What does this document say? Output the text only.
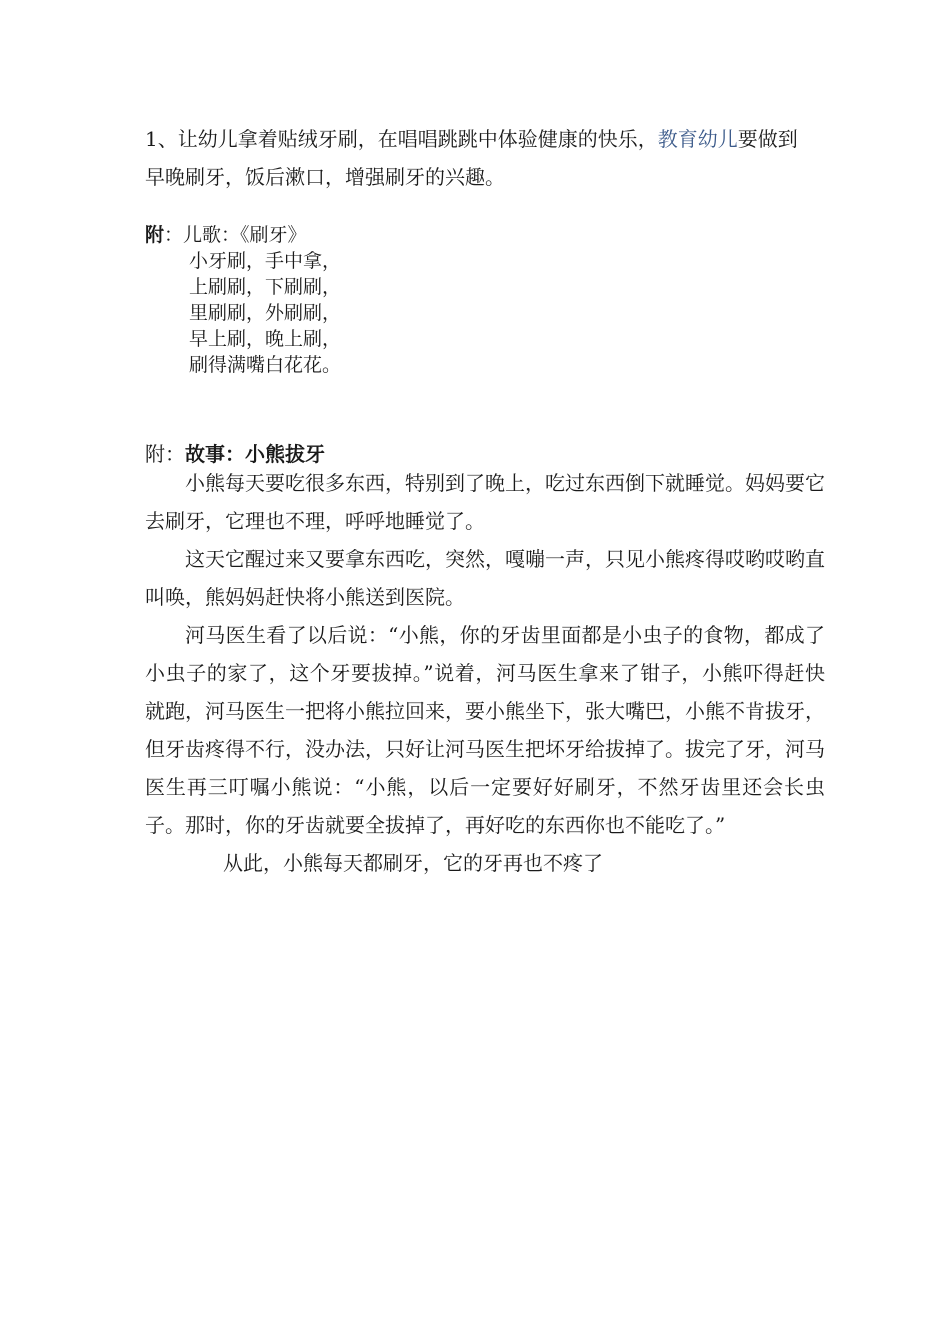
1、让幼儿拿着贴绒牙刷，在唱唱跳跳中体验健康的快乐，教育幼儿要做到早晚刷牙，饭后漱口，增强刷牙的兴趣。

附：儿歌：《刷牙》
小牙刷，手中拿，
上刷刷，下刷刷，
里刷刷，外刷刷，
早上刷，晚上刷，
刷得满嘴白花花。
附：故事：小熊拔牙

小熊每天要吃很多东西，特别到了晚上，吃过东西倒下就睡觉。妈妈要它去刷牙，它理也不理，呼呼地睡觉了。

这天它醒过来又要拿东西吃，突然，嘎嘣一声，只见小熊疼得哎哟哎哟直叫唤，熊妈妈赶快将小熊送到医院。

河马医生看了以后说：“小熊，你的牙齿里面都是小虫子的食物，都成了小虫子的家了，这个牙要拔掉。”说着，河马医生拿来了钳子，小熊吓得赶快就跑，河马医生一把将小熊拉回来，要小熊坐下，张大嘴巴，小熊不肯拔牙，但牙齿疼得不行，没办法，只好让河马医生把坏牙给拔掉了。拔完了牙，河马医生再三叮嘱小熊说：“小熊，以后一定要好好刷牙，不然牙齿里还会长虫子。那时，你的牙齿就要全拔掉了，再好吃的东西你也不能吃了。”

从此，小熊每天都刷牙，它的牙再也不疼了
